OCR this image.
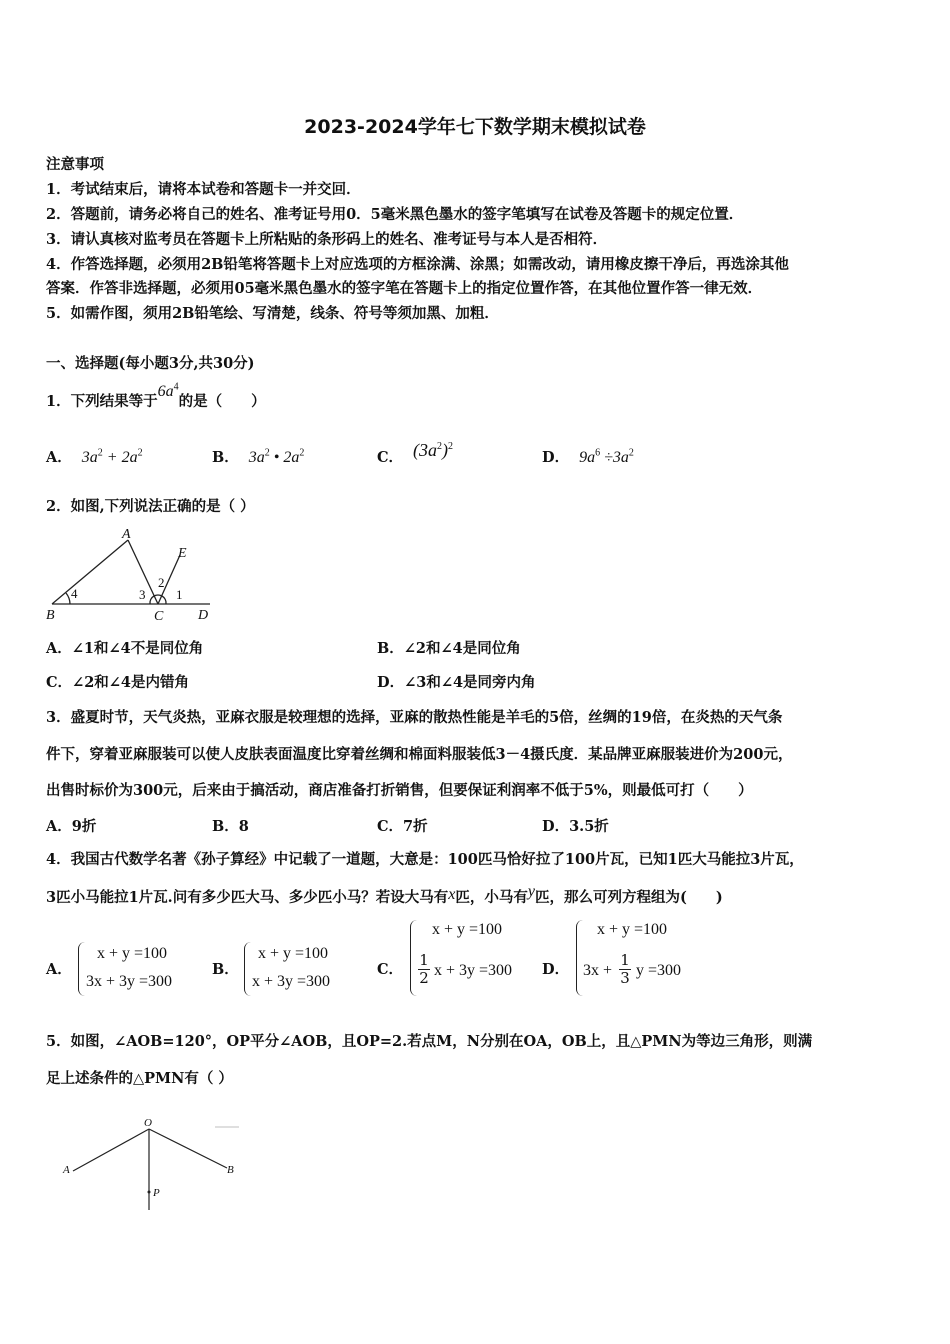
2023-2024学年七下数学期末模拟试卷
注意事项
1．考试结束后，请将本试卷和答题卡一并交回．
2．答题前，请务必将自己的姓名、准考证号用0．5毫米黑色墨水的签字笔填写在试卷及答题卡的规定位置．
3．请认真核对监考员在答题卡上所粘贴的条形码上的姓名、准考证号与本人是否相符．
4．作答选择题，必须用2B铅笔将答题卡上对应选项的方框涂满、涂黑；如需改动，请用橡皮擦干净后，再选涂其他
答案．作答非选择题，必须用05毫米黑色墨水的签字笔在答题卡上的指定位置作答，在其他位置作答一律无效．
5．如需作图，须用2B铅笔绘、写清楚，线条、符号等须加黑、加粗．
一、选择题(每小题3分,共30分)
1．下列结果等于$6a^4$的是（　　）
A． $3a^2 + 2a^2$	B． $3a^2$ • $2a^2$	C． $(3a^2)^2$
D． $9a^6 \div 3a^2$
2．如图,下列说法正确的是（ ）
A
B	C D
E
1
2
3
4
A．∠1和∠4不是同位角	B．∠2和∠4是同位角
C．∠2和∠4是内错角	D．∠3和∠4是同旁内角
3．盛夏时节，天气炎热，亚麻衣服是较理想的选择，亚麻的散热性能是羊毛的5倍，丝绸的19倍，在炎热的天气条
件下，穿着亚麻服装可以使人皮肤表面温度比穿着丝绸和棉面料服装低3－4摄氏度．某品牌亚麻服装进价为200元，
出售时标价为300元，后来由于搞活动，商店准备打折销售，但要保证利润率不低于5%，则最低可打（　　）
A．9折	B．8	C．7折	D．3.5折
4．我国古代数学名著《孙子算经》中记载了一道题，大意是：100匹马恰好拉了100片瓦，已知1匹大马能拉3片瓦，
3匹小马能拉1片瓦.问有多少匹大马、多少匹小马？若设大马有x匹，小马有y匹，那么可列方程组为(　　)
A．
x + y =100
3x + 3y =300
B．
x + y =100
x + 3y =300
C．
x + y =100
1
2 x + 3y =300 D．
x + y =100
3x +
1
3 y =300
5．如图，∠AOB=120°，OP平分∠AOB，且OP=2.若点M，N分别在OA，OB上，且△PMN为等边三角形，则满
足上述条件的△PMN有（ ）
O
A	B
P
